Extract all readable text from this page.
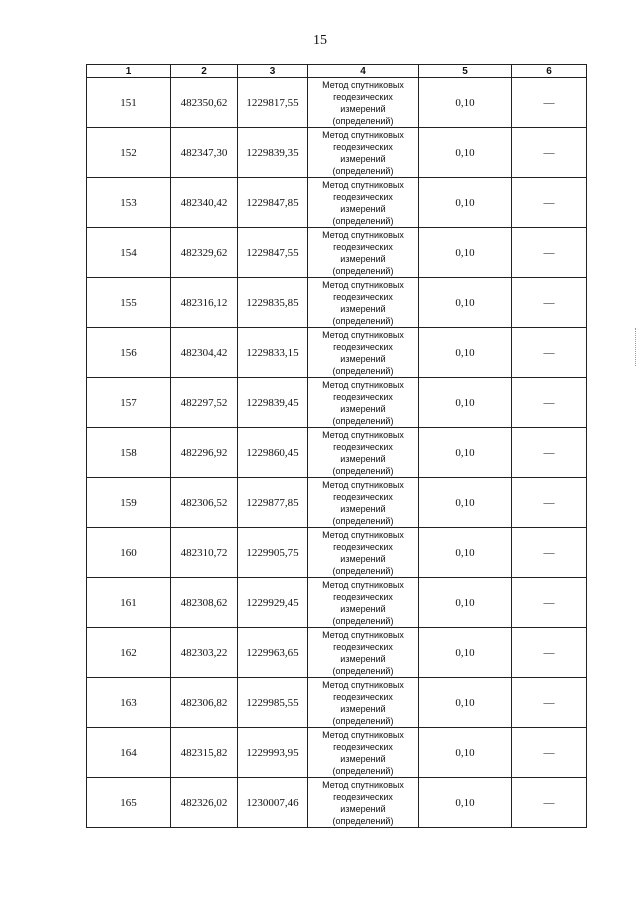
15
1	2	3	4	5	6
151	482350,62	1229817,55	Метод спутниковых
геодезических
измерений
(определений)	0,10	—
152	482347,30	1229839,35	Метод спутниковых
геодезических
измерений
(определений)	0,10	—
153	482340,42	1229847,85	Метод спутниковых
геодезических
измерений
(определений)	0,10	—
154	482329,62	1229847,55	Метод спутниковых
геодезических
измерений
(определений)	0,10	—
155	482316,12	1229835,85	Метод спутниковых
геодезических
измерений
(определений)	0,10	—
156	482304,42	1229833,15	Метод спутниковых
геодезических
измерений
(определений)	0,10	—
157	482297,52	1229839,45	Метод спутниковых
геодезических
измерений
(определений)	0,10	—
158	482296,92	1229860,45	Метод спутниковых
геодезических
измерений
(определений)	0,10	—
159	482306,52	1229877,85	Метод спутниковых
геодезических
измерений
(определений)	0,10	—
160	482310,72	1229905,75	Метод спутниковых
геодезических
измерений
(определений)	0,10	—
161	482308,62	1229929,45	Метод спутниковых
геодезических
измерений
(определений)	0,10	—
162	482303,22	1229963,65	Метод спутниковых
геодезических
измерений
(определений)	0,10	—
163	482306,82	1229985,55	Метод спутниковых
геодезических
измерений
(определений)	0,10	—
164	482315,82	1229993,95	Метод спутниковых
геодезических
измерений
(определений)	0,10	—
165	482326,02	1230007,46	Метод спутниковых
геодезических
измерений
(определений)	0,10	—
